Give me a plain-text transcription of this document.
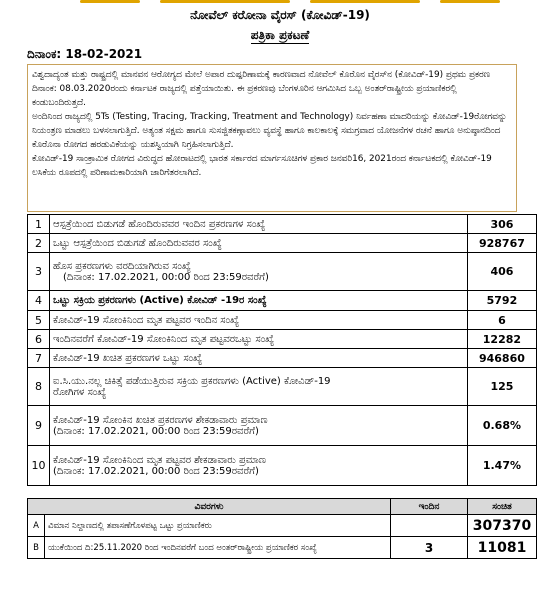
ನೋವೆಲ್ ಕರೋನಾ ವೈರಸ್ (ಕೋವಿಡ್-19)
ಪತ್ರಿಕಾ ಪ್ರಕಟಣೆ
ದಿನಾಂಕ: 18-02-2021

ವಿಶ್ವದಾದ್ಯಂತ ಮತ್ತು ರಾಷ್ಟ್ರದಲ್ಲಿ ಮಾನವನ ಆರೋಗ್ಯದ ಮೇಲೆ ಅಪಾರ ದುಷ್ಪರಿಣಾಮಕ್ಕೆ ಕಾರಣವಾದ ನೋವೆಲ್ ಕೊರೊನ ವೈರಸ್‌ನ (ಕೋವಿಡ್-19) ಪ್ರಥಮ ಪ್ರಕರಣ ದಿನಾಂಕ: 08.03.2020ರಂದು ಕರ್ನಾಟಕ ರಾಜ್ಯದಲ್ಲಿ ಪತ್ತೆಯಾಯಿತು. ಈ ಪ್ರಕರಣವು ಬೆಂಗಳೂರಿನ ಆಗಮಿಸಿದ ಒಬ್ಬ ಅಂತರ್‌ರಾಷ್ಟ್ರೀಯ ಪ್ರಯಾಣಿಕರಲ್ಲಿ ಕಂಡುಬಂದಿರುತ್ತದೆ.

ಅಂದಿನಿಂದ ರಾಜ್ಯದಲ್ಲಿ 5Ts (Testing, Tracing, Tracking, Treatment and Technology) ನಿರ್ವಹಣಾ ಮಾದರಿಯನ್ನು ಕೋವಿಡ್-19ರೋಗವನ್ನು ನಿಯಂತ್ರಣ ಮಾಡಲು ಬಳಸಲಾಗುತ್ತಿದೆ. ಅತ್ಯಂತ ಸಕ್ಷಮ ಹಾಗೂ ಸುಸಜ್ಜಿತಕಣ್ಗಾವಲು ವ್ಯವಸ್ಥೆ ಹಾಗೂ ಕಾಲಕಾಲಕ್ಕೆ ಸಮಗ್ರವಾದ ಯೋಜನೆಗಳ ರಚನೆ ಹಾಗೂ ಅನುಷ್ಠಾನದಿಂದ ಕೊರೊನಾ ರೋಗದ ಹರಡುವಿಕೆಯನ್ನು ಯಶಸ್ವಿಯಾಗಿ ನಿಗ್ರಹಿಸಲಾಗುತ್ತಿದೆ.

ಕೋವಿಡ್-19 ಸಾಂಕ್ರಾಮಿಕ ರೋಗದ ವಿರುದ್ಧದ ಹೋರಾಟದಲ್ಲಿ ಭಾರತ ಸರ್ಕಾರದ ಮಾರ್ಗಸೂಚಿಗಳ ಪ್ರಕಾರ ಜನವರಿ16, 2021ರಂದ ಕರ್ನಾಟಕದಲ್ಲಿ ಕೋವಿಡ್-19 ಲಸಿಕೆಯ ರೂಪದಲ್ಲಿ ಪರಿಣಾಮಕಾರಿಯಾಗಿ ಜಾರಿಗೆತರಲಾಗಿದೆ.

1	ಆಸ್ಪತ್ರೆಯಿಂದ ಬಿಡುಗಡೆ ಹೊಂದಿರುವವರ ಇಂದಿನ ಪ್ರಕರಣಗಳ ಸಂಖ್ಯೆ	306
2	ಒಟ್ಟು ಆಸ್ಪತ್ರೆಯಿಂದ ಬಿಡುಗಡೆ ಹೊಂದಿರುವವರ ಸಂಖ್ಯೆ	928767
3	ಹೊಸ ಪ್ರಕರಣಗಳು ವರದಿಯಾಗಿರುವ ಸಂಖ್ಯೆ
(ದಿನಾಂಕ: 17.02.2021, 00:00 ರಿಂದ 23:59ರವರೆಗೆ)	406
4	ಒಟ್ಟು ಸಕ್ರಿಯ ಪ್ರಕರಣಗಳು (Active) ಕೋವಿಡ್ -19ರ ಸಂಖ್ಯೆ	5792
5	ಕೋವಿಡ್-19 ಸೋಂಕಿನಿಂದ ಮೃತ ಪಟ್ಟವರ ಇಂದಿನ ಸಂಖ್ಯೆ	6
6	ಇಂದಿನವರೆಗೆ ಕೋವಿಡ್-19 ಸೋಂಕಿನಿಂದ ಮೃತ ಪಟ್ಟವರಒಟ್ಟು ಸಂಖ್ಯೆ	12282
7	ಕೋವಿಡ್-19 ಖಚಿತ ಪ್ರಕರಣಗಳ ಒಟ್ಟು ಸಂಖ್ಯೆ	946860
8	ಐ.ಸಿ.ಯು.ನಲ್ಲ ಚಿಕಿತ್ಸೆ ಪಡೆಯುತ್ತಿರುವ ಸಕ್ರಿಯ ಪ್ರಕರಣಗಳು (Active) ಕೋವಿಡ್-19
ರೋಗಿಗಳ ಸಂಖ್ಯೆ	125
9	ಕೋವಿಡ್-19 ಸೋಂಕಿನ ಖಚಿತ ಪ್ರಕರಣಗಳ ಶೇಕಡಾವಾರು ಪ್ರಮಾಣ
(ದಿನಾಂಕ: 17.02.2021, 00:00 ರಿಂದ 23:59ರವರೆಗೆ)	0.68%
10	ಕೋವಿಡ್-19 ಸೋಂಕಿನಿಂದ ಮೃತ ಪಟ್ಟವರ ಶೇಕಡಾವಾರು ಪ್ರಮಾಣ
(ದಿನಾಂಕ: 17.02.2021, 00:00 ರಿಂದ 23:59ರವರೆಗೆ)	1.47%
ವಿವರಗಳು		ಇಂದಿನ	ಸಂಚಿತ
A	ವಿಮಾನ ನಿಲ್ದಾಣದಲ್ಲಿ ತಪಾಸಣೆಗೊಳಪಟ್ಟ ಒಟ್ಟು ಪ್ರಯಾಣಿಕರು		307370
B	ಯುಕೆಯಿಂದ ದಿ:25.11.2020 ರಿಂದ ಇಂದಿನವರೆಗೆ ಬಂದ ಅಂತರ್‌ರಾಷ್ಟ್ರೀಯ ಪ್ರಯಾಣಿಕರ ಸಂಖ್ಯೆ	3	11081
